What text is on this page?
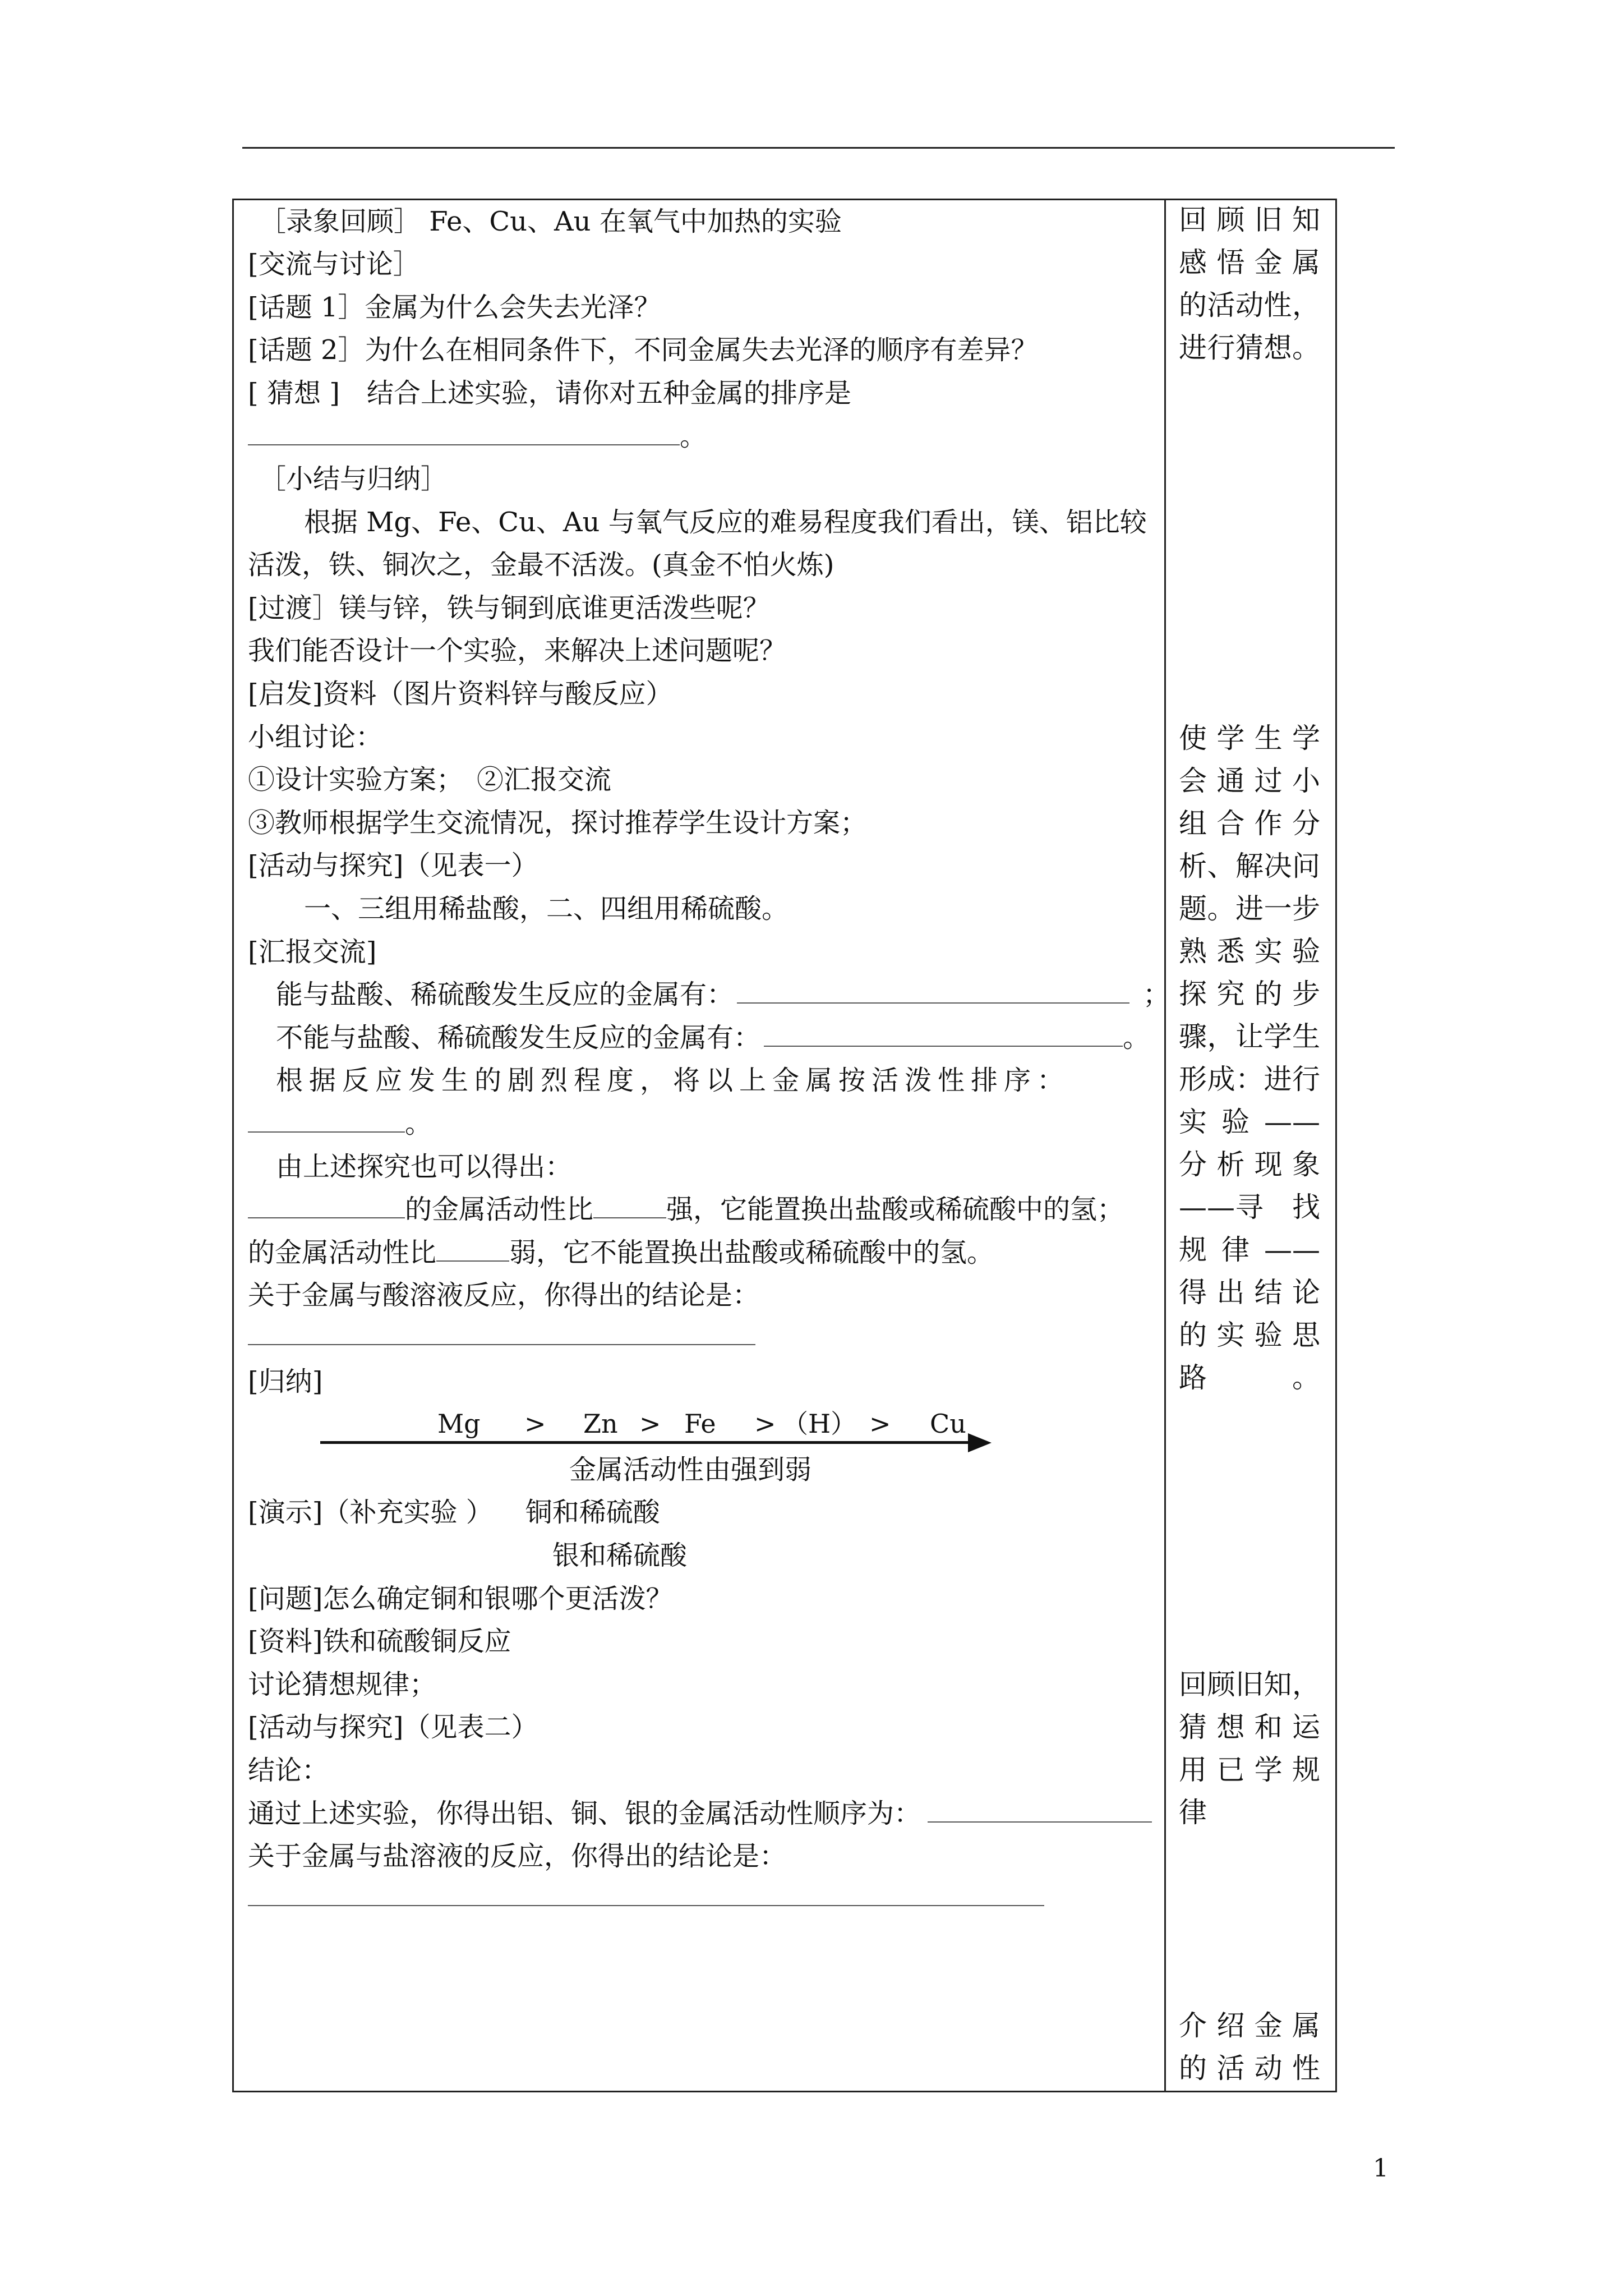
［录象回顾］ Fe、Cu、Au 在氧气中加热的实验
[交流与讨论］
[话题 1］金属为什么会失去光泽？
[话题 2］为什么在相同条件下，不同金属失去光泽的顺序有差异？
[ 猜想 ]　结合上述实验，请你对五种金属的排序是
。
［小结与归纳］
根据 Mg、Fe、Cu、Au 与氧气反应的难易程度我们看出，镁、铝比较
活泼，铁、铜次之，金最不活泼。(真金不怕火炼)
[过渡］镁与锌，铁与铜到底谁更活泼些呢？
我们能否设计一个实验，来解决上述问题呢？
[启发]资料（图片资料锌与酸反应）
小组讨论：
①设计实验方案；　②汇报交流
③教师根据学生交流情况，探讨推荐学生设计方案；
[活动与探究]（见表一）
一、三组用稀盐酸，二、四组用稀硫酸。
[汇报交流]
能与盐酸、稀硫酸发生反应的金属有：	；
不能与盐酸、稀硫酸发生反应的金属有：	。
根据反应发生的剧烈程度，将以上金属按活泼性排序：
。
由上述探究也可以得出：
的金属活动性比	强，它能置换出盐酸或稀硫酸中的氢；
的金属活动性比	弱，它不能置换出盐酸或稀硫酸中的氢。
关于金属与酸溶液反应，你得出的结论是：
[归纳]
Mg > Zn > Fe > （H） > Cu
金属活动性由强到弱
[演示]（补充实验 ） 铜和稀硫酸
银和稀硫酸
[问题]怎么确定铜和银哪个更活泼？
[资料]铁和硫酸铜反应
讨论猜想规律；
[活动与探究]（见表二）
结论：
通过上述实验，你得出铝、铜、银的金属活动性顺序为：
关于金属与盐溶液的反应，你得出的结论是：
回顾旧知
感悟金属
的活动性，
进行猜想。
使学生学
会通过小
组合作分
析、解决问
题。进一步
熟悉实验
探究的步
骤，让学生
形成：进行
实验——
分析现象
——寻　找
规律——
得出结论
的实验思
路。
回顾旧知，
猜想和运
用已学规
律
介绍金属
的活动性
1
